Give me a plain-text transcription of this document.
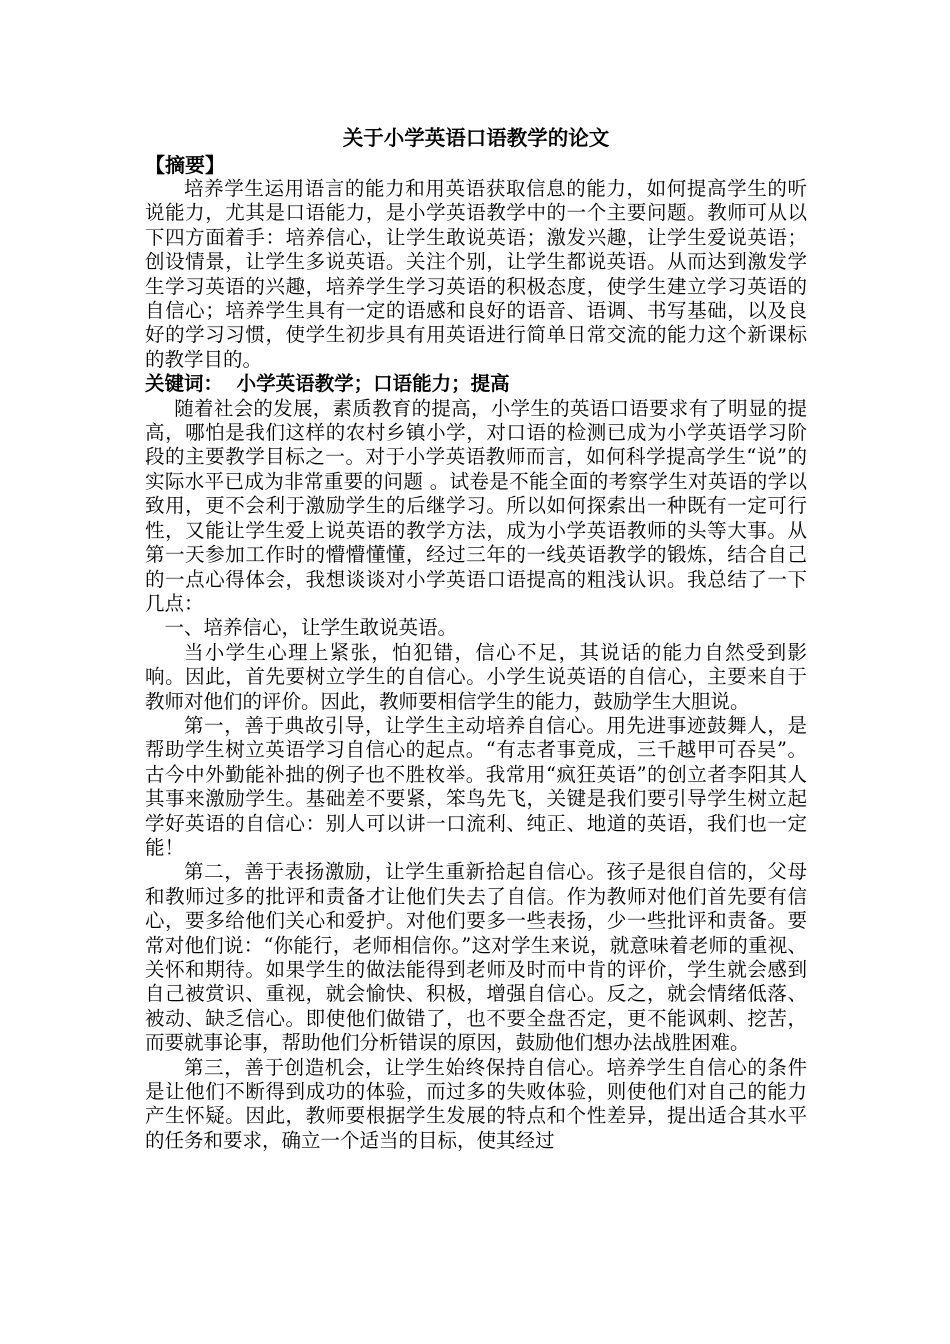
关于小学英语口语教学的论文

【摘要】

培养学生运用语言的能力和用英语获取信息的能力，如何提高学生的听说能力，尤其是口语能力，是小学英语教学中的一个主要问题。教师可从以下四方面着手：培养信心，让学生敢说英语；激发兴趣，让学生爱说英语；创设情景，让学生多说英语。关注个别，让学生都说英语。从而达到激发学生学习英语的兴趣，培养学生学习英语的积极态度，使学生建立学习英语的自信心；培养学生具有一定的语感和良好的语音、语调、书写基础，以及良好的学习习惯，使学生初步具有用英语进行简单日常交流的能力这个新课标的教学目的。

关键词： 小学英语教学；口语能力；提高

随着社会的发展，素质教育的提高，小学生的英语口语要求有了明显的提高，哪怕是我们这样的农村乡镇小学，对口语的检测已成为小学英语学习阶段的主要教学目标之一。对于小学英语教师而言，如何科学提高学生“说”的实际水平已成为非常重要的问题 。试卷是不能全面的考察学生对英语的学以致用，更不会利于激励学生的后继学习。所以如何探索出一种既有一定可行性，又能让学生爱上说英语的教学方法，成为小学英语教师的头等大事。从第一天参加工作时的懵懵懂懂，经过三年的一线英语教学的锻炼，结合自己的一点心得体会，我想谈谈对小学英语口语提高的粗浅认识。我总结了一下几点：

一、培养信心，让学生敢说英语。

当小学生心理上紧张，怕犯错，信心不足，其说话的能力自然受到影响。因此，首先要树立学生的自信心。小学生说英语的自信心，主要来自于教师对他们的评价。因此，教师要相信学生的能力，鼓励学生大胆说。

第一，善于典故引导，让学生主动培养自信心。用先进事迹鼓舞人，是帮助学生树立英语学习自信心的起点。“有志者事竟成，三千越甲可吞吴”。古今中外勤能补拙的例子也不胜枚举。我常用“疯狂英语”的创立者李阳其人其事来激励学生。基础差不要紧，笨鸟先飞，关键是我们要引导学生树立起学好英语的自信心：别人可以讲一口流利、纯正、地道的英语，我们也一定能！

第二，善于表扬激励，让学生重新拾起自信心。孩子是很自信的，父母和教师过多的批评和责备才让他们失去了自信。作为教师对他们首先要有信心，要多给他们关心和爱护。对他们要多一些表扬，少一些批评和责备。要常对他们说：“你能行，老师相信你。”这对学生来说，就意味着老师的重视、关怀和期待。如果学生的做法能得到老师及时而中肯的评价，学生就会感到自己被赏识、重视，就会愉快、积极，增强自信心。反之，就会情绪低落、被动、缺乏信心。即使他们做错了，也不要全盘否定，更不能讽刺、挖苦，而要就事论事，帮助他们分析错误的原因，鼓励他们想办法战胜困难。

第三，善于创造机会，让学生始终保持自信心。培养学生自信心的条件是让他们不断得到成功的体验，而过多的失败体验，则使他们对自己的能力产生怀疑。因此，教师要根据学生发展的特点和个性差异，提出适合其水平的任务和要求，确立一个适当的目标，使其经过
